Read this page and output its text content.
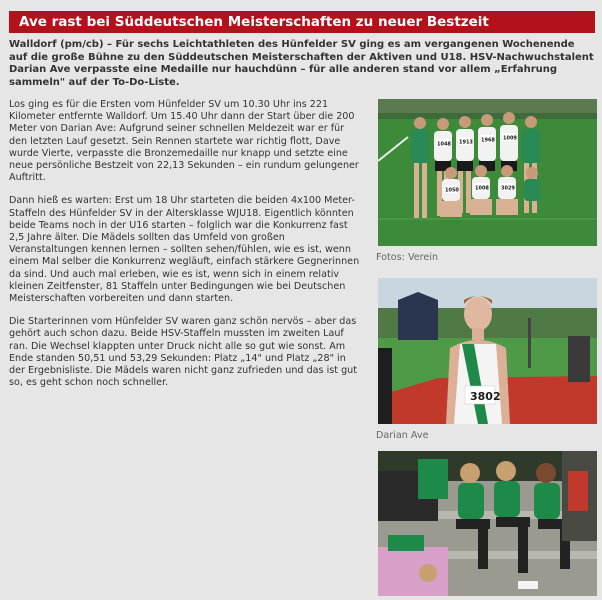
Ave rast bei Süddeutschen Meisterschaften zu neuer Bestzeit
Walldorf (pm/cb) – Für sechs Leichtathleten des Hünfelder SV ging es am vergangenen Wochenende auf die große Bühne zu den Süddeutschen Meisterschaften der Aktiven und U18. HSV-Nachwuchstalent Darian Ave verpasste eine Medaille nur hauchdünn – für alle anderen stand vor allem „Erfahrung sammeln" auf der To-Do-Liste.

Los ging es für die Ersten vom Hünfelder SV um 10.30 Uhr ins 221 Kilometer entfernte Walldorf. Um 15.40 Uhr dann der Start über die 200 Meter von Darian Ave: Aufgrund seiner schnellen Meldezeit war er für den letzten Lauf gesetzt. Sein Rennen startete war richtig flott, Dave wurde Vierte, verpasste die Bronzemedaille nur knapp und setzte eine neue persönliche Bestzeit von 22,13 Sekunden – ein rundum gelungener Auftritt.

Dann hieß es warten: Erst um 18 Uhr starteten die beiden 4x100 Meter-Staffeln des Hünfelder SV in der Altersklasse WJU18. Eigentlich könnten beide Teams noch in der U16 starten – folglich war die Konkurrenz fast 2,5 Jahre älter. Die Mädels sollten das Umfeld von großen Veranstaltungen kennen lernen – sollten sehen/fühlen, wie es ist, wenn einem Mal selber die Konkurrenz wegläuft, einfach stärkere Gegnerinnen da sind. Und auch mal erleben, wie es ist, wenn sich in einem relativ kleinen Zeitfenster, 81 Staffeln unter Bedingungen wie bei Deutschen Meisterschaften vorbereiten und dann starten.

Die Starterinnen vom Hünfelder SV waren ganz schön nervös – aber das gehört auch schon dazu. Beide HSV-Staffeln mussten im zweiten Lauf ran. Die Wechsel klappten unter Druck nicht alle so gut wie sonst. Am Ende standen 50,51 und 53,29 Sekunden: Platz „14" und Platz „28" in der Ergebnisliste. Die Mädels waren nicht ganz zufrieden und das ist gut so, es geht schon noch schneller.

1048 1913 1968 1009
1050	1008 3029
Fotos: Verein
3802
Darian Ave
